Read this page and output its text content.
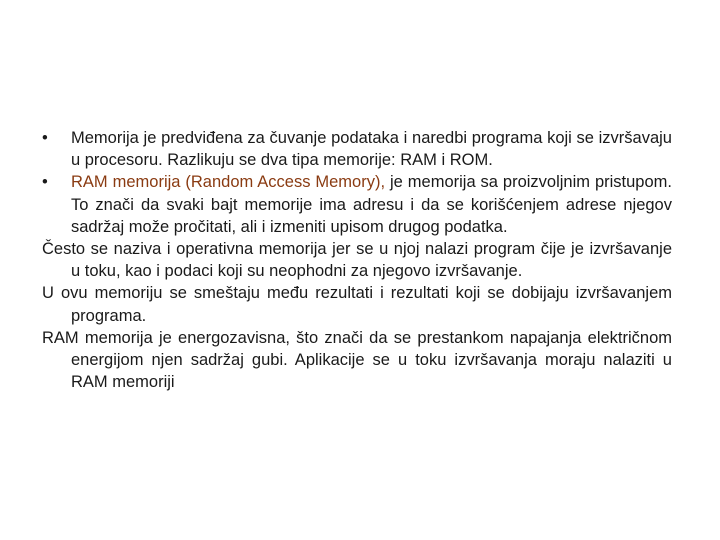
• Memorija je predviđena za čuvanje podataka i naredbi programa koji se izvršavaju u procesoru. Razlikuju se dva tipa memorije: RAM i ROM.

• RAM memorija (Random Access Memory), je memorija sa proizvoljnim pristupom. To znači da svaki bajt memorije ima adresu i da se korišćenjem adrese njegov sadržaj može pročitati, ali i izmeniti upisom drugog podatka.

Često se naziva i operativna memorija jer se u njoj nalazi program čije je izvršavanje u toku, kao i podaci koji su neophodni za njegovo izvršavanje.

U ovu memoriju se smeštaju među rezultati i rezultati koji se dobijaju izvršavanjem programa.

RAM memorija je energozavisna, što znači da se prestankom napajanja električnom energijom njen sadržaj gubi. Aplikacije se u toku izvršavanja moraju nalaziti u RAM memoriji
